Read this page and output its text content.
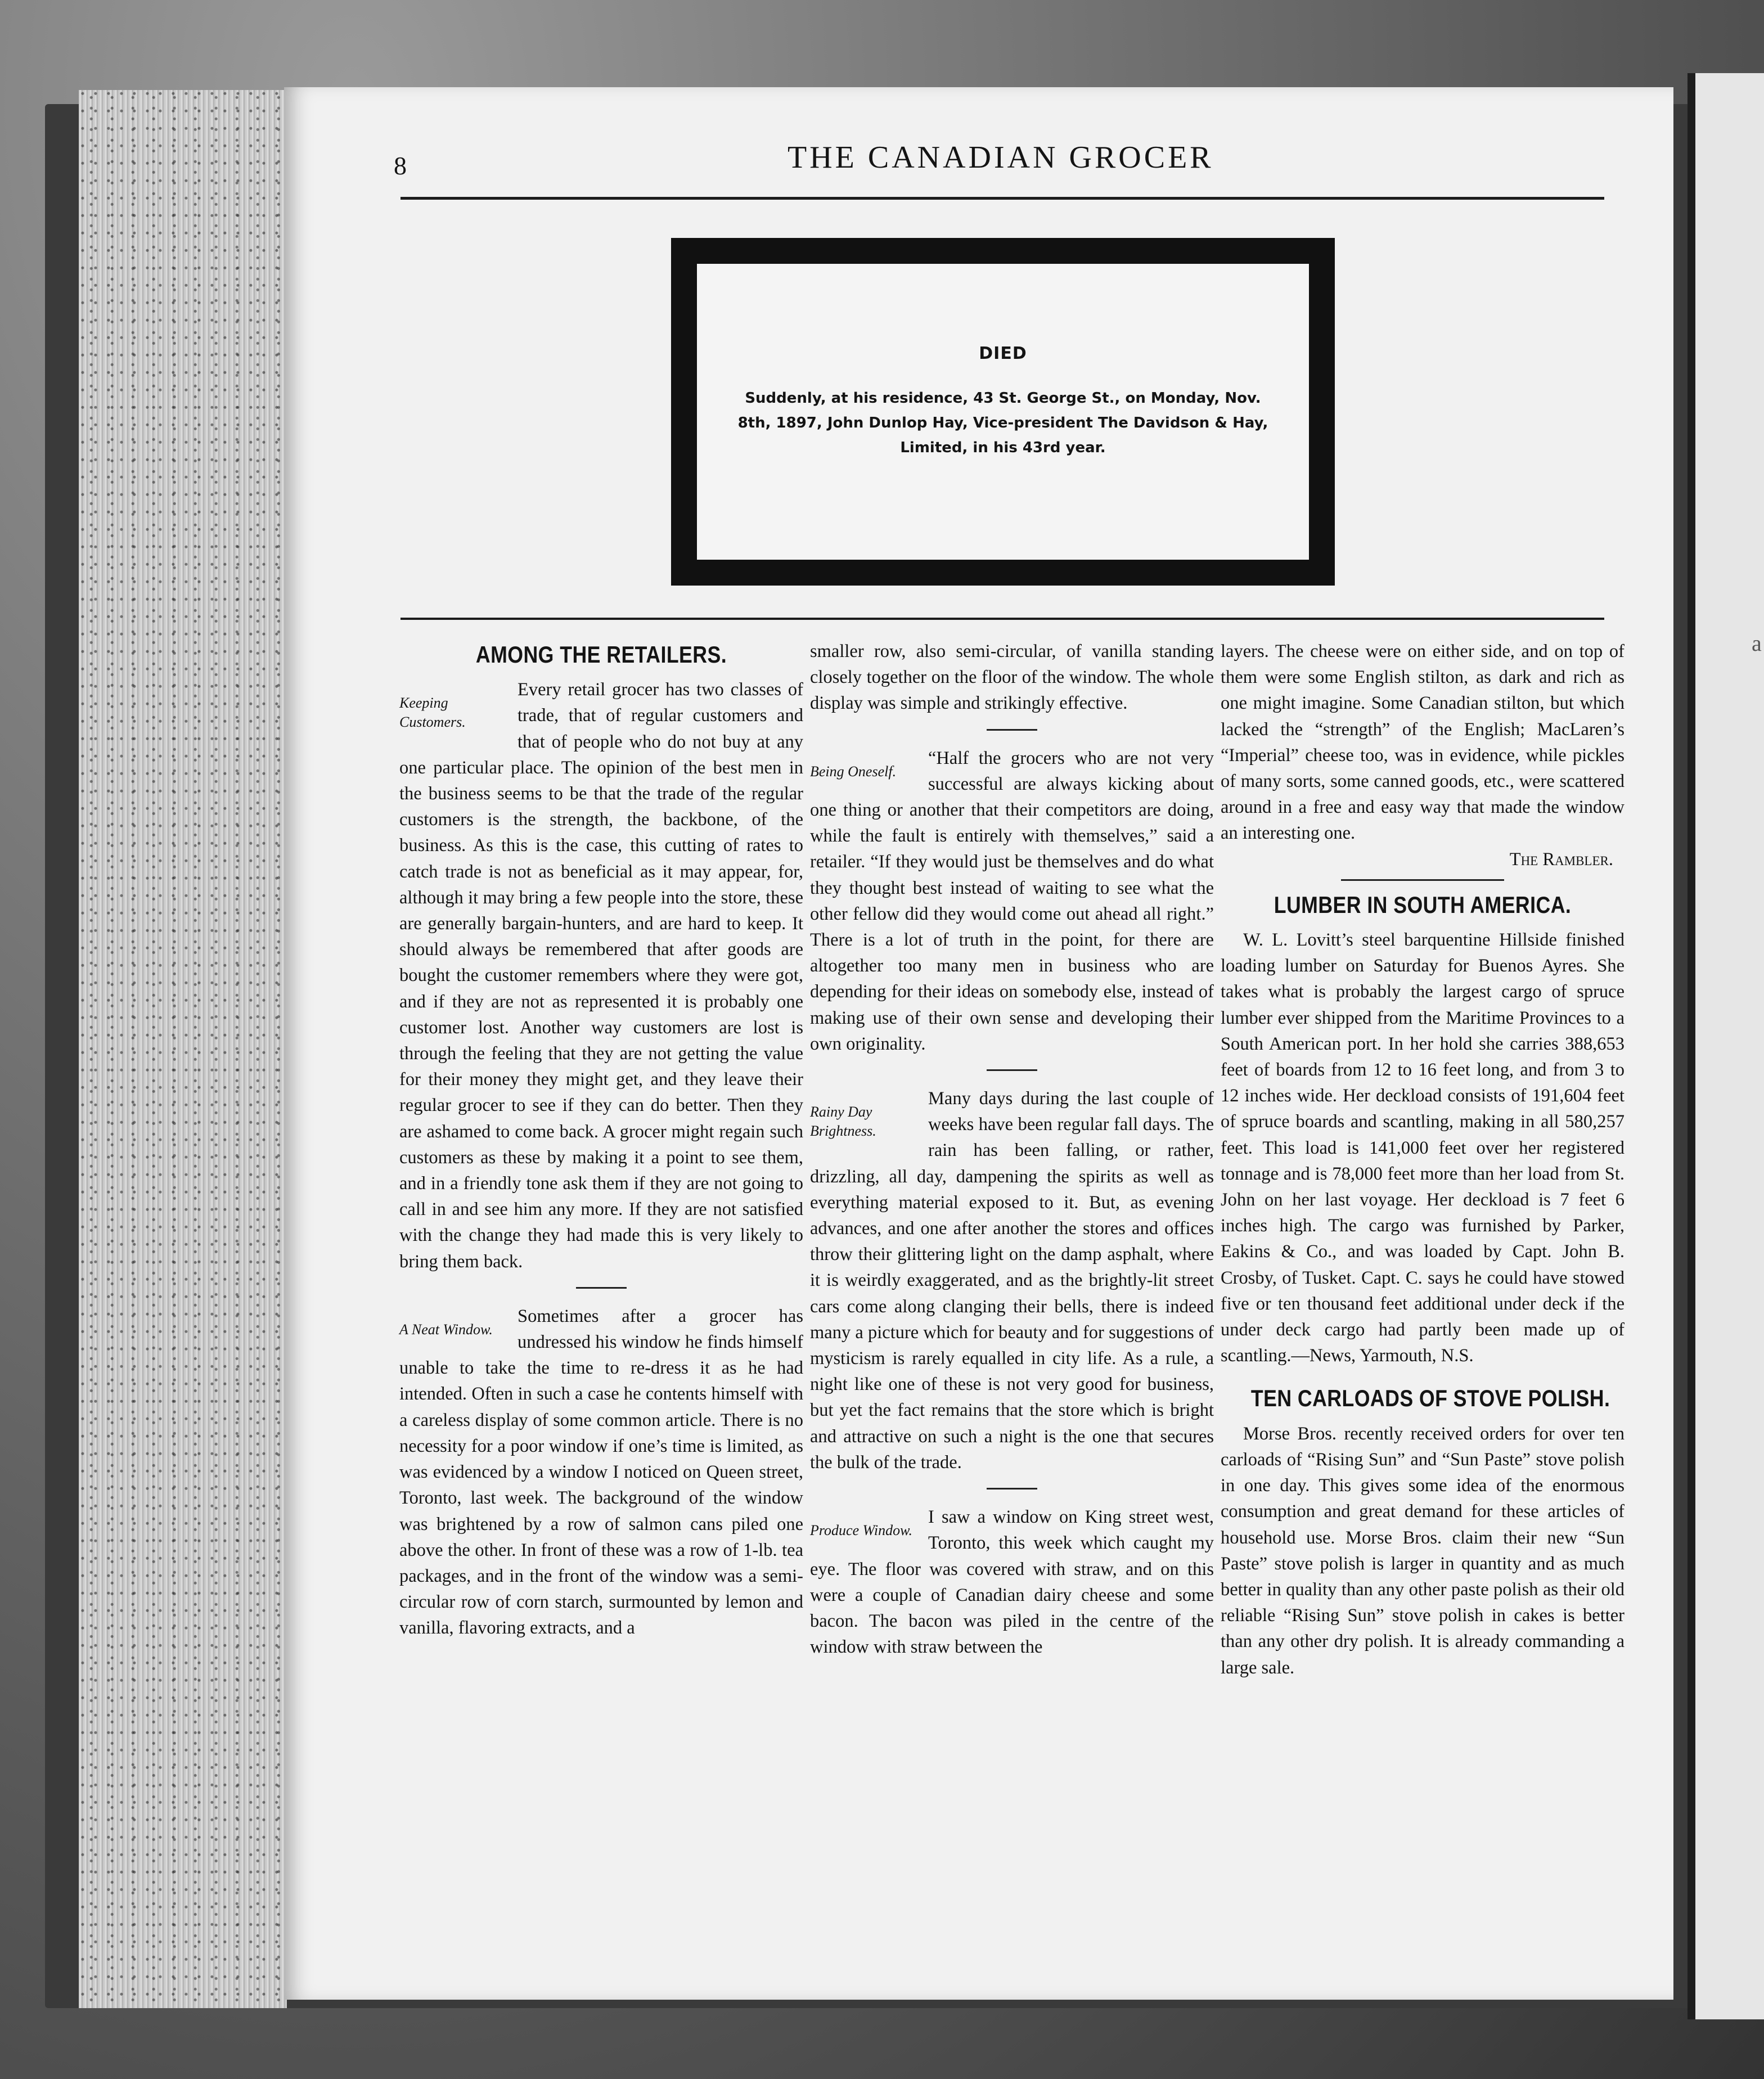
a
8	THE CANADIAN GROCER
DIED
Suddenly, at his residence, 43 St. George St., on Monday, Nov. 8th, 1897, John Dunlop Hay, Vice-president The Davidson & Hay, Limited, in his 43rd year.
AMONG THE RETAILERS.
Keeping Customers.

Every retail grocer has two classes of trade, that of regular customers and that of people who do not buy at any one particular place. The opinion of the best men in the business seems to be that the trade of the regular customers is the strength, the backbone, of the business. As this is the case, this cutting of rates to catch trade is not as beneficial as it may appear, for, although it may bring a few people into the store, these are generally bargain-hunters, and are hard to keep. It should always be remembered that after goods are bought the customer remembers where they were got, and if they are not as represented it is probably one customer lost. Another way customers are lost is through the feeling that they are not getting the value for their money they might get, and they leave their regular grocer to see if they can do better. Then they are ashamed to come back. A grocer might regain such customers as these by making it a point to see them, and in a friendly tone ask them if they are not going to call in and see him any more. If they are not satisfied with the change they had made this is very likely to bring them back.

A Neat Window.

Sometimes after a grocer has undressed his window he finds himself unable to take the time to re-dress it as he had intended. Often in such a case he contents himself with a careless display of some common article. There is no necessity for a poor window if one’s time is limited, as was evidenced by a window I noticed on Queen street, Toronto, last week. The background of the window was brightened by a row of salmon cans piled one above the other. In front of these was a row of 1-lb. tea packages, and in the front of the window was a semi-circular row of corn starch, surmounted by lemon and vanilla, flavoring extracts, and a

smaller row, also semi-circular, of vanilla standing closely together on the floor of the window. The whole display was simple and strikingly effective.

Being Oneself.

“Half the grocers who are not very successful are always kicking about one thing or another that their competitors are doing, while the fault is entirely with themselves,” said a retailer. “If they would just be themselves and do what they thought best instead of waiting to see what the other fellow did they would come out ahead all right.” There is a lot of truth in the point, for there are altogether too many men in business who are depending for their ideas on somebody else, instead of making use of their own sense and developing their own originality.

Rainy Day Brightness.

Many days during the last couple of weeks have been regular fall days. The rain has been falling, or rather, drizzling, all day, dampening the spirits as well as everything material exposed to it. But, as evening advances, and one after another the stores and offices throw their glittering light on the damp asphalt, where it is weirdly exaggerated, and as the brightly-lit street cars come along clanging their bells, there is indeed many a picture which for beauty and for suggestions of mysticism is rarely equalled in city life. As a rule, a night like one of these is not very good for business, but yet the fact remains that the store which is bright and attractive on such a night is the one that secures the bulk of the trade.

Produce Window.

I saw a window on King street west, Toronto, this week which caught my eye. The floor was covered with straw, and on this were a couple of Canadian dairy cheese and some bacon. The bacon was piled in the centre of the window with straw between the

layers. The cheese were on either side, and on top of them were some English stilton, as dark and rich as one might imagine. Some Canadian stilton, but which lacked the “strength” of the English; MacLaren’s “Imperial” cheese too, was in evidence, while pickles of many sorts, some canned goods, etc., were scattered around in a free and easy way that made the window an interesting one.

The Rambler.
LUMBER IN SOUTH AMERICA.

W. L. Lovitt’s steel barquentine Hillside finished loading lumber on Saturday for Buenos Ayres. She takes what is probably the largest cargo of spruce lumber ever shipped from the Maritime Provinces to a South American port. In her hold she carries 388,653 feet of boards from 12 to 16 feet long, and from 3 to 12 inches wide. Her deckload consists of 191,604 feet of spruce boards and scantling, making in all 580,257 feet. This load is 141,000 feet over her registered tonnage and is 78,000 feet more than her load from St. John on her last voyage. Her deckload is 7 feet 6 inches high. The cargo was furnished by Parker, Eakins & Co., and was loaded by Capt. John B. Crosby, of Tusket. Capt. C. says he could have stowed five or ten thousand feet additional under deck if the under deck cargo had partly been made up of scantling.—News, Yarmouth, N.S.

TEN CARLOADS OF STOVE POLISH.

Morse Bros. recently received orders for over ten carloads of “Rising Sun” and “Sun Paste” stove polish in one day. This gives some idea of the enormous consumption and great demand for these articles of household use. Morse Bros. claim their new “Sun Paste” stove polish is larger in quantity and as much better in quality than any other paste polish as their old reliable “Rising Sun” stove polish in cakes is better than any other dry polish. It is already commanding a large sale.
